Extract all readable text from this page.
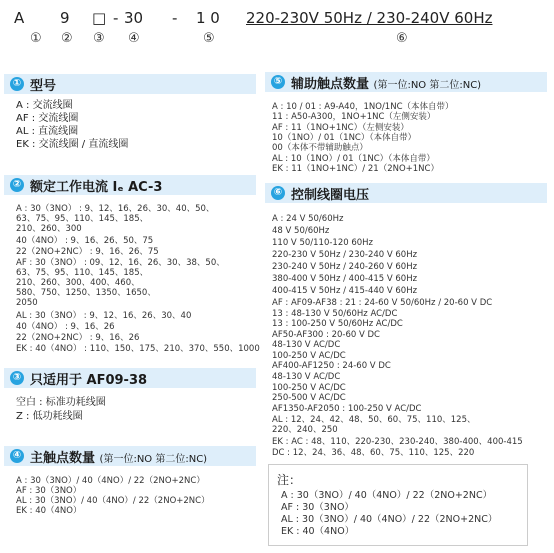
A 9 □ - 30 - 1 0 220-230V 50Hz / 230-240V 60Hz
① ② ③ ④	⑤	⑥
① 型号
A : 交流线圈
AF : 交流线圈
AL : 直流线圈
EK : 交流线圈 / 直流线圈
② 额定工作电流 Iₑ AC-3
A : 30（3NO） : 9、12、16、26、30、40、50、
63、75、95、110、145、185、
210、260、300
40（4NO） : 9、16、26、50、75
22（2NO+2NC） : 9、16、26、75
AF : 30（3NO） : 09、12、16、26、30、38、50、
63、75、95、110、145、185、
210、260、300、400、460、
580、750、1250、1350、1650、
2050
AL : 30（3NO） : 9、12、16、26、30、40
40（4NO） : 9、16、26
22（2NO+2NC） : 9、16、26
EK : 40（4NO） : 110、150、175、210、370、550、1000
③ 只适用于 AF09-38
空白 : 标准功耗线圈
Z : 低功耗线圈
④ 主触点数量 (第一位:NO 第二位:NC)
A : 30（3NO）/ 40（4NO）/ 22（2NO+2NC）
AF : 30（3NO）
AL : 30（3NO）/ 40（4NO）/ 22（2NO+2NC）
EK : 40（4NO）
⑤ 辅助触点数量 (第一位:NO 第二位:NC)
A : 10 / 01 : A9-A40，1NO/1NC（本体自带）
11 : A50-A300，1NO+1NC（左侧安装）
AF : 11（1NO+1NC）（左侧安装）
10（1NO）/ 01（1NC）（本体自带）
00（本体不带辅助触点）
AL : 10（1NO）/ 01（1NC）（本体自带）
EK : 11（1NO+1NC）/ 21（2NO+1NC）
⑥ 控制线圈电压
A : 24 V 50/60Hz
48 V 50/60Hz
110 V 50/110-120 60Hz
220-230 V 50Hz / 230-240 V 60Hz
230-240 V 50Hz / 240-260 V 60Hz
380-400 V 50Hz / 400-415 V 60Hz
400-415 V 50Hz / 415-440 V 60Hz
AF : AF09-AF38 : 21 : 24-60 V 50/60Hz / 20-60 V DC
13 : 48-130 V 50/60Hz AC/DC
13 : 100-250 V 50/60Hz AC/DC
AF50-AF300 : 20-60 V DC
48-130 V AC/DC
100-250 V AC/DC
AF400-AF1250 : 24-60 V DC
48-130 V AC/DC
100-250 V AC/DC
250-500 V AC/DC
AF1350-AF2050 : 100-250 V AC/DC
AL : 12、24、42、48、50、60、75、110、125、
220、240、250
EK : AC : 48、110、220-230、230-240、380-400、400-415
DC : 12、24、36、48、60、75、110、125、220
注：
A : 30（3NO）/ 40（4NO）/ 22（2NO+2NC）
AF : 30（3NO）
AL : 30（3NO）/ 40（4NO）/ 22（2NO+2NC）
EK : 40（4NO）
